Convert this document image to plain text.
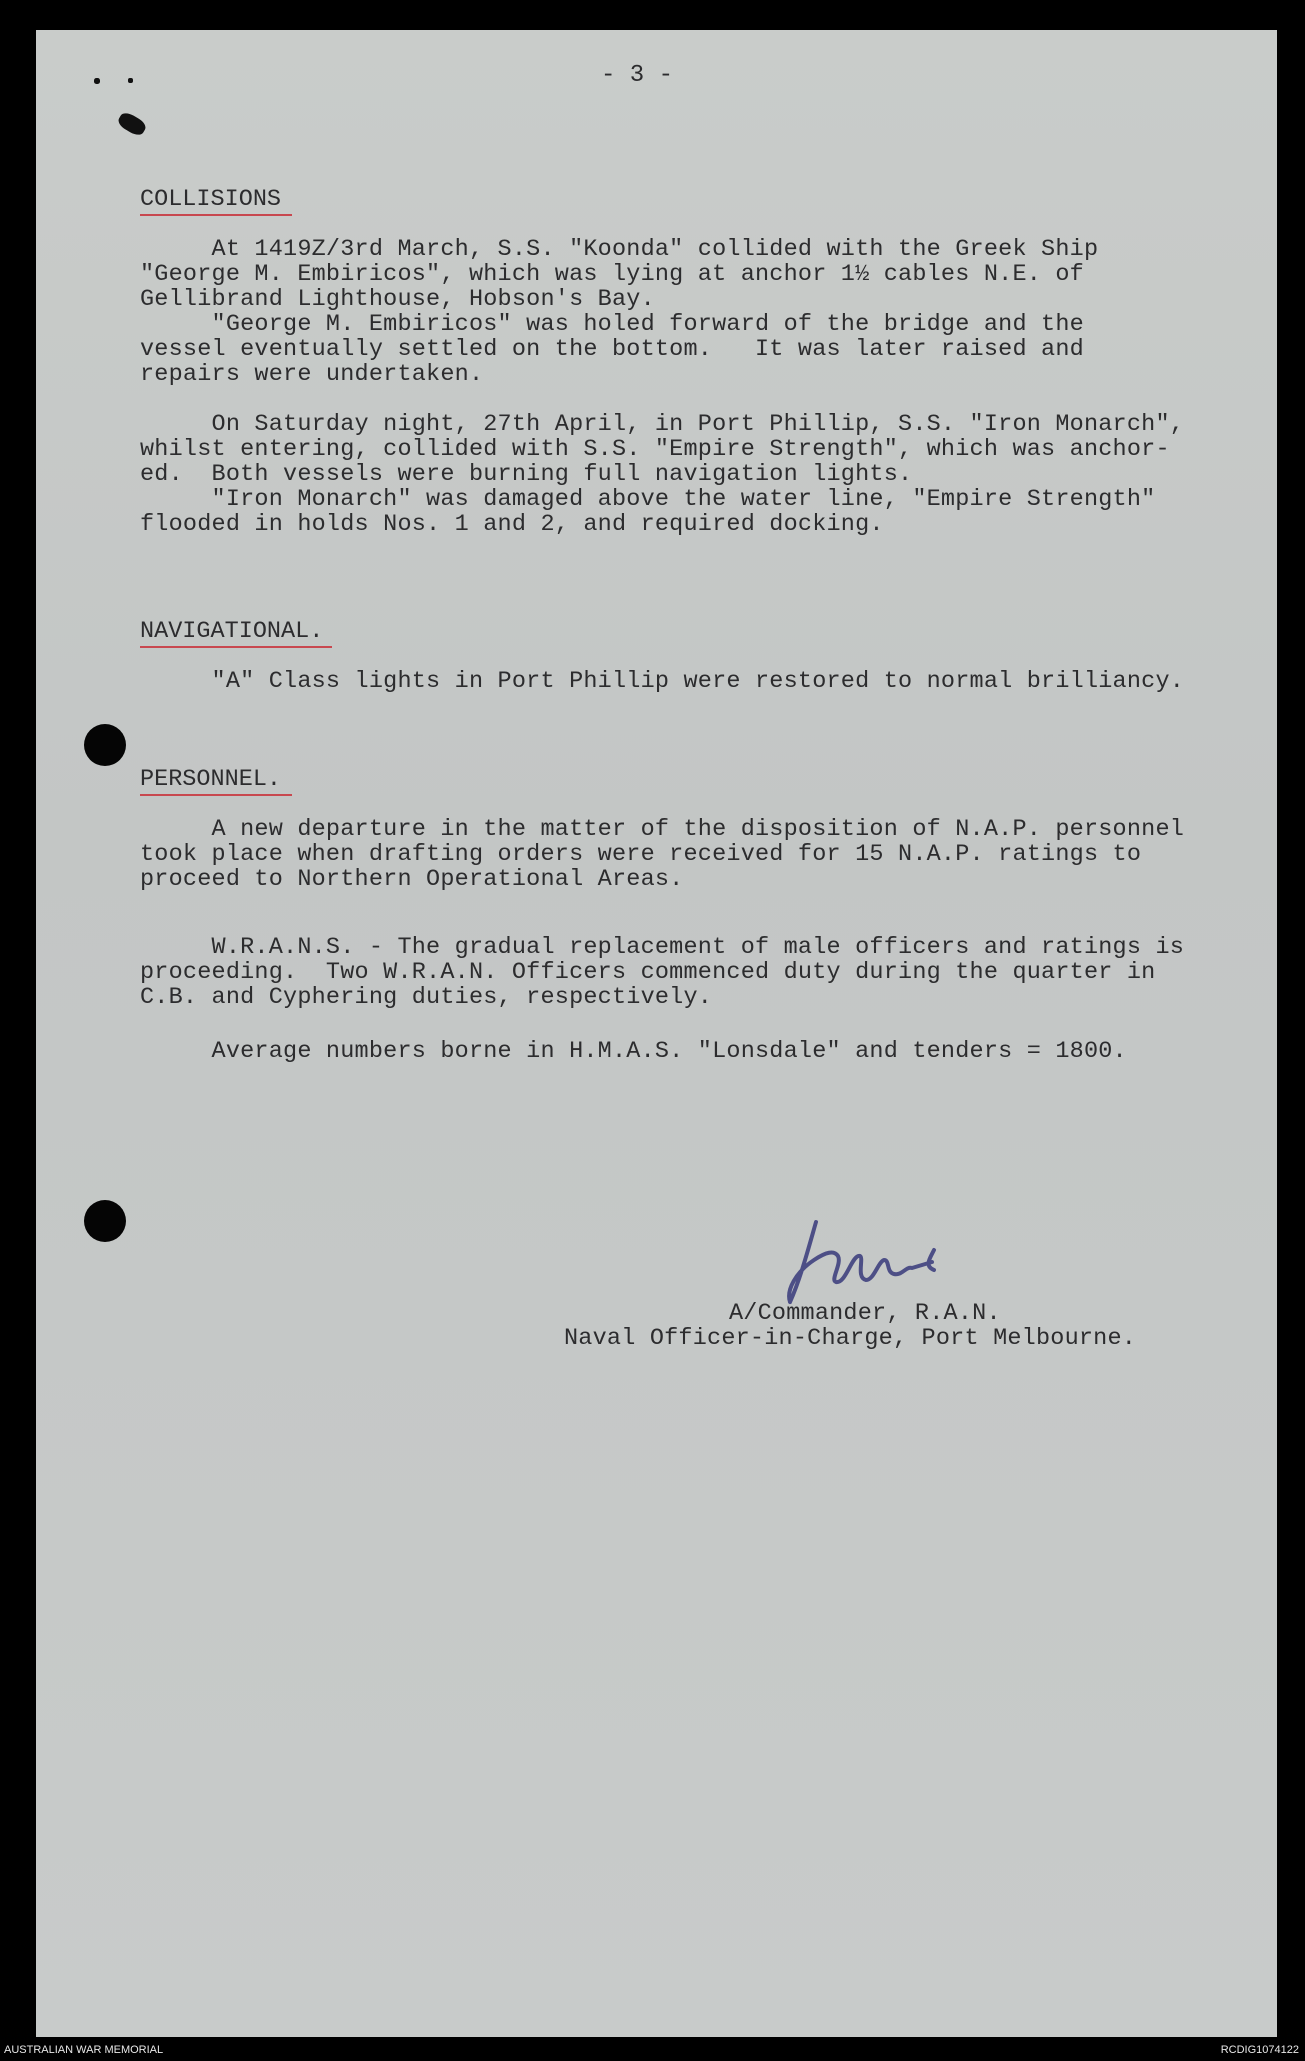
- 3 -
COLLISIONS
At 1419Z/3rd March, S.S. "Koonda" collided with the Greek Ship
"George M. Embiricos", which was lying at anchor 1½ cables N.E. of
Gellibrand Lighthouse, Hobson's Bay.
"George M. Embiricos" was holed forward of the bridge and the
vessel eventually settled on the bottom.   It was later raised and
repairs were undertaken.
On Saturday night, 27th April, in Port Phillip, S.S. "Iron Monarch",
whilst entering, collided with S.S. "Empire Strength", which was anchor-
ed.  Both vessels were burning full navigation lights.
"Iron Monarch" was damaged above the water line, "Empire Strength"
flooded in holds Nos. 1 and 2, and required docking.
NAVIGATIONAL.
"A" Class lights in Port Phillip were restored to normal brilliancy.
PERSONNEL.
A new departure in the matter of the disposition of N.A.P. personnel
took place when drafting orders were received for 15 N.A.P. ratings to
proceed to Northern Operational Areas.
W.R.A.N.S. - The gradual replacement of male officers and ratings is
proceeding.  Two W.R.A.N. Officers commenced duty during the quarter in
C.B. and Cyphering duties, respectively.
Average numbers borne in H.M.A.S. "Lonsdale" and tenders = 1800.
A/Commander, R.A.N.
Naval Officer-in-Charge, Port Melbourne.
AUSTRALIAN WAR MEMORIAL	RCDIG1074122
